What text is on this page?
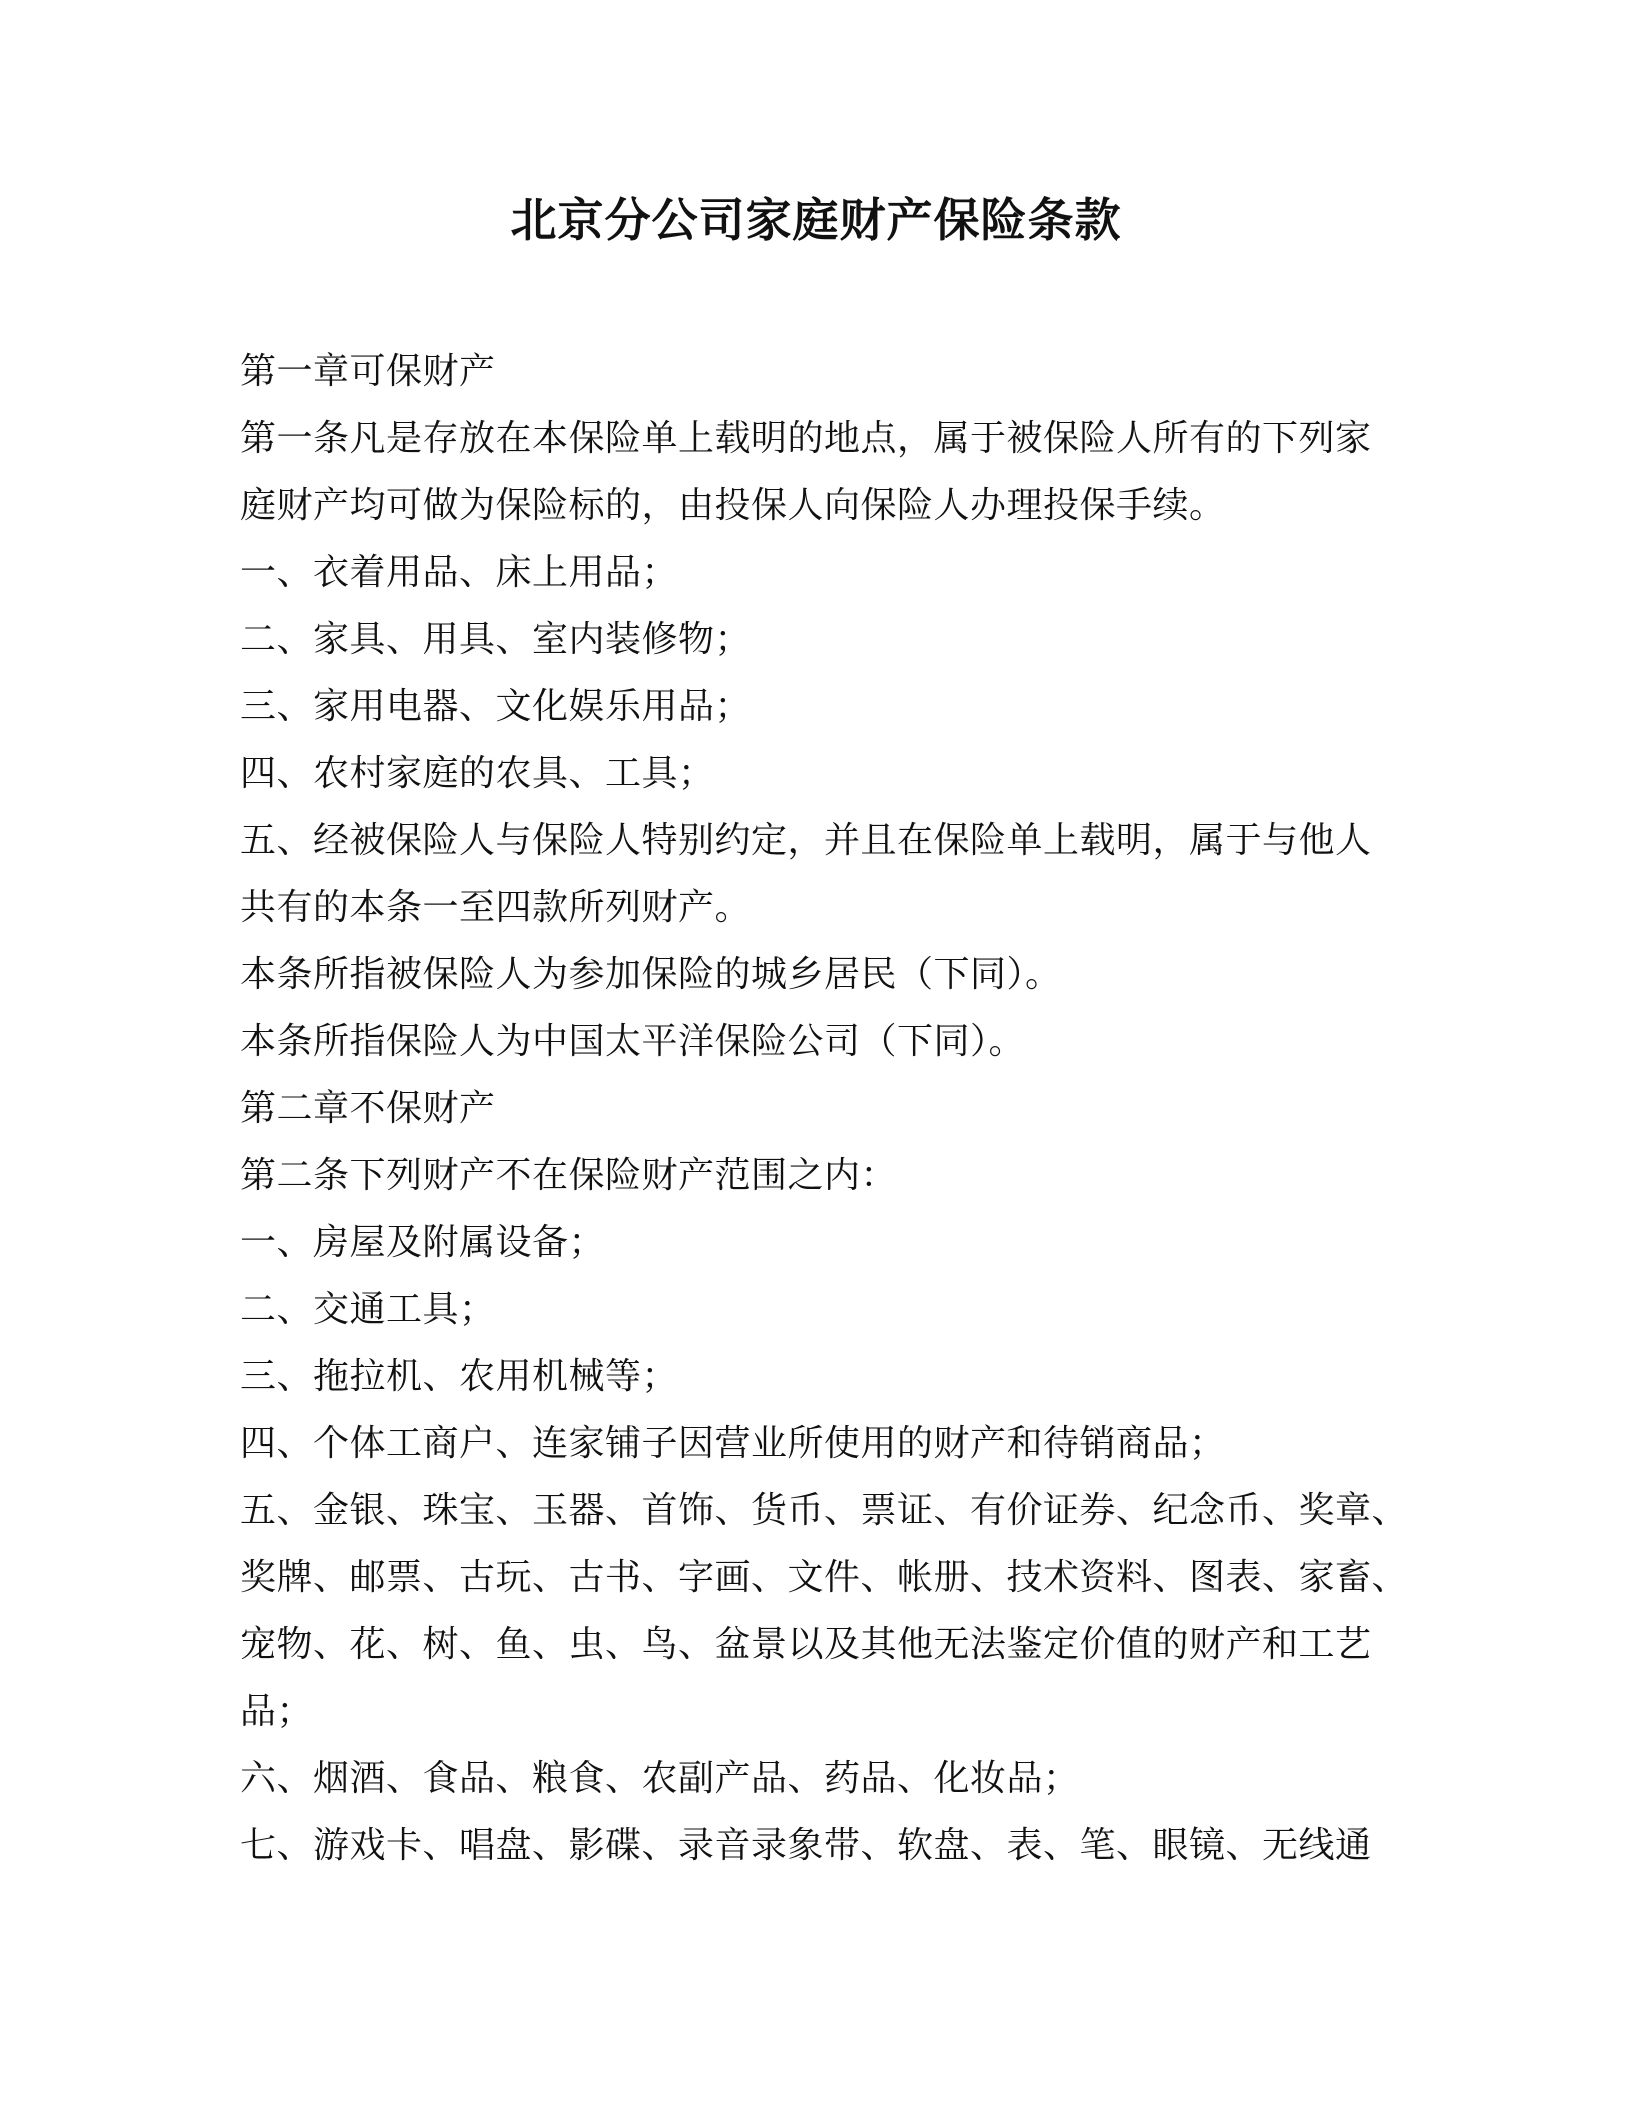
北京分公司家庭财产保险条款

第一章可保财产

第一条凡是存放在本保险单上载明的地点，属于被保险人所有的下列家

庭财产均可做为保险标的，由投保人向保险人办理投保手续。

一、衣着用品、床上用品；

二、家具、用具、室内装修物；

三、家用电器、文化娱乐用品；

四、农村家庭的农具、工具；

五、经被保险人与保险人特别约定，并且在保险单上载明，属于与他人

共有的本条一至四款所列财产。

本条所指被保险人为参加保险的城乡居民（下同）。

本条所指保险人为中国太平洋保险公司（下同）。

第二章不保财产

第二条下列财产不在保险财产范围之内：

一、房屋及附属设备；

二、交通工具；

三、拖拉机、农用机械等；

四、个体工商户、连家铺子因营业所使用的财产和待销商品；

五、金银、珠宝、玉器、首饰、货币、票证、有价证券、纪念币、奖章、

奖牌、邮票、古玩、古书、字画、文件、帐册、技术资料、图表、家畜、

宠物、花、树、鱼、虫、鸟、盆景以及其他无法鉴定价值的财产和工艺

品；

六、烟酒、食品、粮食、农副产品、药品、化妆品；

七、游戏卡、唱盘、影碟、录音录象带、软盘、表、笔、眼镜、无线通
